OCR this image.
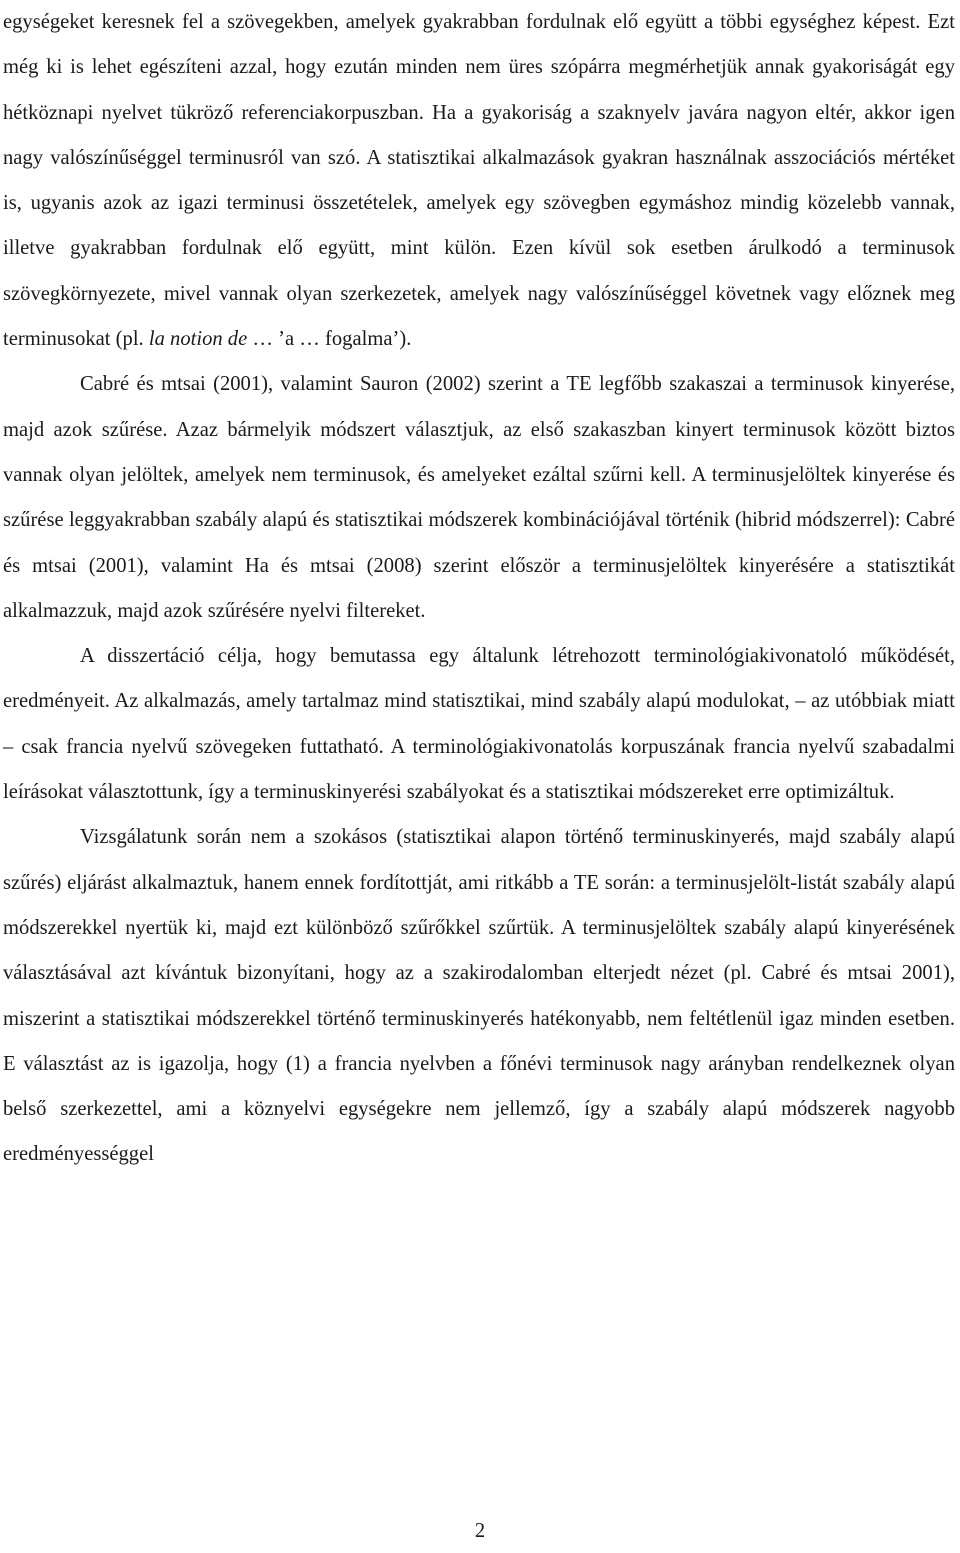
egységeket keresnek fel a szövegekben, amelyek gyakrabban fordulnak elő együtt a többi egységhez képest. Ezt még ki is lehet egészíteni azzal, hogy ezután minden nem üres szópárra megmérhetjük annak gyakoriságát egy hétköznapi nyelvet tükröző referenciakorpuszban. Ha a gyakoriság a szaknyelv javára nagyon eltér, akkor igen nagy valószínűséggel terminusról van szó. A statisztikai alkalmazások gyakran használnak asszociációs mértéket is, ugyanis azok az igazi terminusi összetételek, amelyek egy szövegben egymáshoz mindig közelebb vannak, illetve gyakrabban fordulnak elő együtt, mint külön. Ezen kívül sok esetben árulkodó a terminusok szövegkörnyezete, mivel vannak olyan szerkezetek, amelyek nagy valószínűséggel követnek vagy előznek meg terminusokat (pl. la notion de … ’a … fogalma’).

Cabré és mtsai (2001), valamint Sauron (2002) szerint a TE legfőbb szakaszai a terminusok kinyerése, majd azok szűrése. Azaz bármelyik módszert választjuk, az első szakaszban kinyert terminusok között biztos vannak olyan jelöltek, amelyek nem terminusok, és amelyeket ezáltal szűrni kell. A terminusjelöltek kinyerése és szűrése leggyakrabban szabály alapú és statisztikai módszerek kombinációjával történik (hibrid módszerrel): Cabré és mtsai (2001), valamint Ha és mtsai (2008) szerint először a terminusjelöltek kinyerésére a statisztikát alkalmazzuk, majd azok szűrésére nyelvi filtereket.

A disszertáció célja, hogy bemutassa egy általunk létrehozott terminológiakivonatoló működését, eredményeit. Az alkalmazás, amely tartalmaz mind statisztikai, mind szabály alapú modulokat, – az utóbbiak miatt – csak francia nyelvű szövegeken futtatható. A terminológiakivonatolás korpuszának francia nyelvű szabadalmi leírásokat választottunk, így a terminuskinyerési szabályokat és a statisztikai módszereket erre optimizáltuk.

Vizsgálatunk során nem a szokásos (statisztikai alapon történő terminuskinyerés, majd szabály alapú szűrés) eljárást alkalmaztuk, hanem ennek fordítottját, ami ritkább a TE során: a terminusjelölt-listát szabály alapú módszerekkel nyertük ki, majd ezt különböző szűrőkkel szűrtük. A terminusjelöltek szabály alapú kinyerésének választásával azt kívántuk bizonyítani, hogy az a szakirodalomban elterjedt nézet (pl. Cabré és mtsai 2001), miszerint a statisztikai módszerekkel történő terminuskinyerés hatékonyabb, nem feltétlenül igaz minden esetben. E választást az is igazolja, hogy (1) a francia nyelvben a főnévi terminusok nagy arányban rendelkeznek olyan belső szerkezettel, ami a köznyelvi egységekre nem jellemző, így a szabály alapú módszerek nagyobb eredményességgel

2
